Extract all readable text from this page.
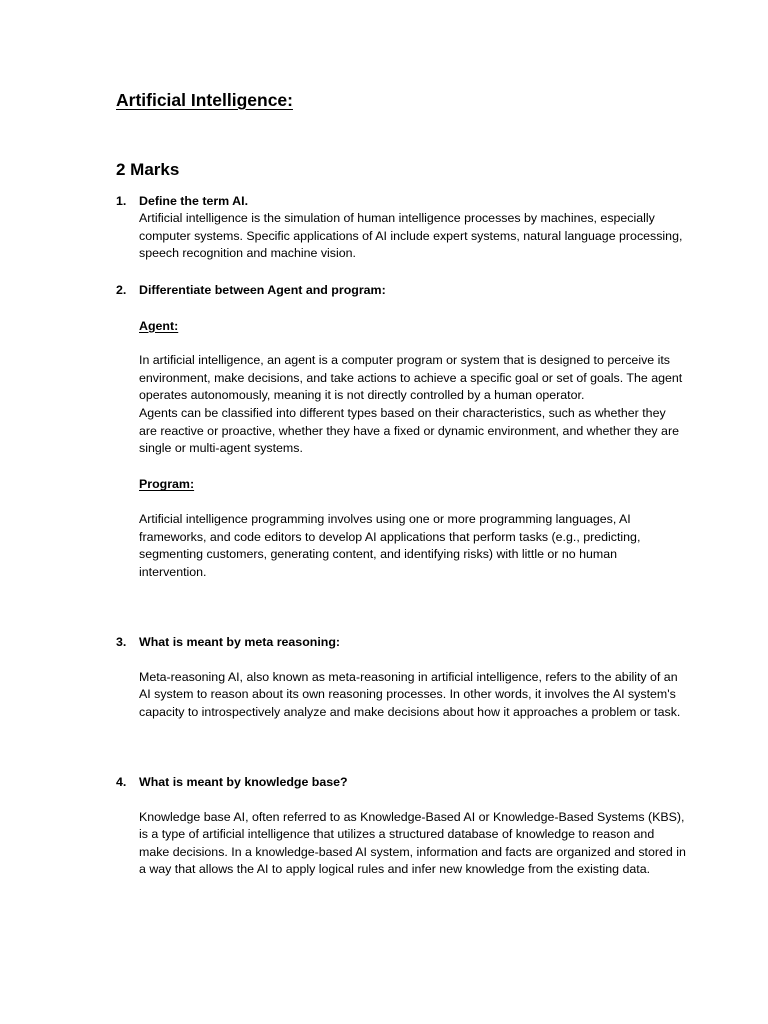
Artificial Intelligence:
2 Marks
1.	Define the term AI.

Artificial intelligence is the simulation of human intelligence processes by machines, especially computer systems. Specific applications of AI include expert systems, natural language processing, speech recognition and machine vision.

2.	Differentiate between Agent and program:
Agent:

In artificial intelligence, an agent is a computer program or system that is designed to perceive its environment, make decisions, and take actions to achieve a specific goal or set of goals. The agent operates autonomously, meaning it is not directly controlled by a human operator.

Agents can be classified into different types based on their characteristics, such as whether they are reactive or proactive, whether they have a fixed or dynamic environment, and whether they are single or multi-agent systems.

Program:

Artificial intelligence programming involves using one or more programming languages, AI frameworks, and code editors to develop AI applications that perform tasks (e.g., predicting, segmenting customers, generating content, and identifying risks) with little or no human intervention.

3.	What is meant by meta reasoning:

Meta-reasoning AI, also known as meta-reasoning in artificial intelligence, refers to the ability of an AI system to reason about its own reasoning processes. In other words, it involves the AI system's capacity to introspectively analyze and make decisions about how it approaches a problem or task.

4.	What is meant by knowledge base?

Knowledge base AI, often referred to as Knowledge-Based AI or Knowledge-Based Systems (KBS), is a type of artificial intelligence that utilizes a structured database of knowledge to reason and make decisions. In a knowledge-based AI system, information and facts are organized and stored in a way that allows the AI to apply logical rules and infer new knowledge from the existing data.
